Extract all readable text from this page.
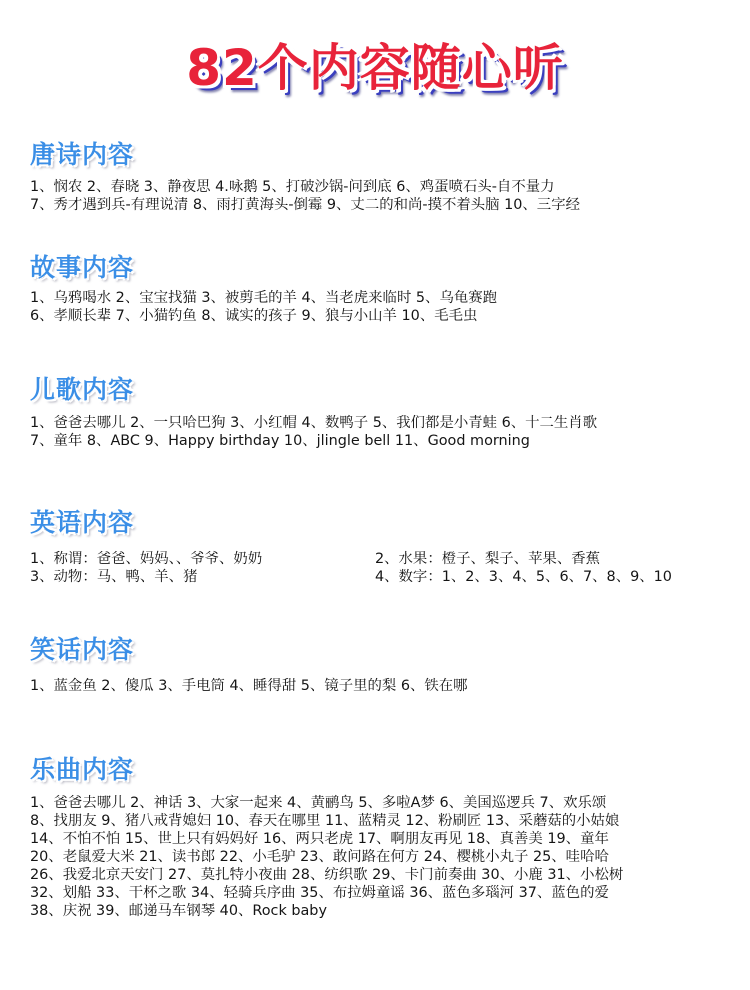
82个内容随心听
唐诗内容
1、悯农 2、春晓 3、静夜思 4.咏鹅 5、打破沙锅-问到底 6、鸡蛋喷石头-自不量力
7、秀才遇到兵-有理说清 8、雨打黄海头-倒霉 9、丈二的和尚-摸不着头脑 10、三字经
故事内容
1、乌鸦喝水 2、宝宝找猫 3、被剪毛的羊 4、当老虎来临时 5、乌龟赛跑
6、孝顺长辈 7、小猫钓鱼 8、诚实的孩子 9、狼与小山羊 10、毛毛虫
儿歌内容
1、爸爸去哪儿 2、一只哈巴狗 3、小红帽 4、数鸭子 5、我们都是小青蛙 6、十二生肖歌
7、童年 8、ABC 9、Happy birthday 10、jlingle bell 11、Good morning
英语内容
1、称谓：爸爸、妈妈、、爷爷、奶奶	2、水果：橙子、梨子、苹果、香蕉
3、动物：马、鸭、羊、猪	4、数字：1、2、3、4、5、6、7、8、9、10
笑话内容
1、蓝金鱼 2、傻瓜 3、手电筒 4、睡得甜 5、镜子里的梨 6、铁在哪
乐曲内容
1、爸爸去哪儿 2、神话 3、大家一起来 4、黄鹂鸟 5、多啦A梦 6、美国巡逻兵 7、欢乐颂
8、找朋友 9、猪八戒背媳妇 10、春天在哪里 11、蓝精灵 12、粉刷匠 13、采蘑菇的小姑娘
14、不怕不怕 15、世上只有妈妈好 16、两只老虎 17、啊朋友再见 18、真善美 19、童年
20、老鼠爱大米 21、读书郎 22、小毛驴 23、敢问路在何方 24、樱桃小丸子 25、哇哈哈
26、我爱北京天安门 27、莫扎特小夜曲 28、纺织歌 29、卡门前奏曲 30、小鹿 31、小松树
32、划船 33、干杯之歌 34、轻骑兵序曲 35、布拉姆童谣 36、蓝色多瑙河 37、蓝色的爱
38、庆祝 39、邮递马车钢琴 40、Rock baby
